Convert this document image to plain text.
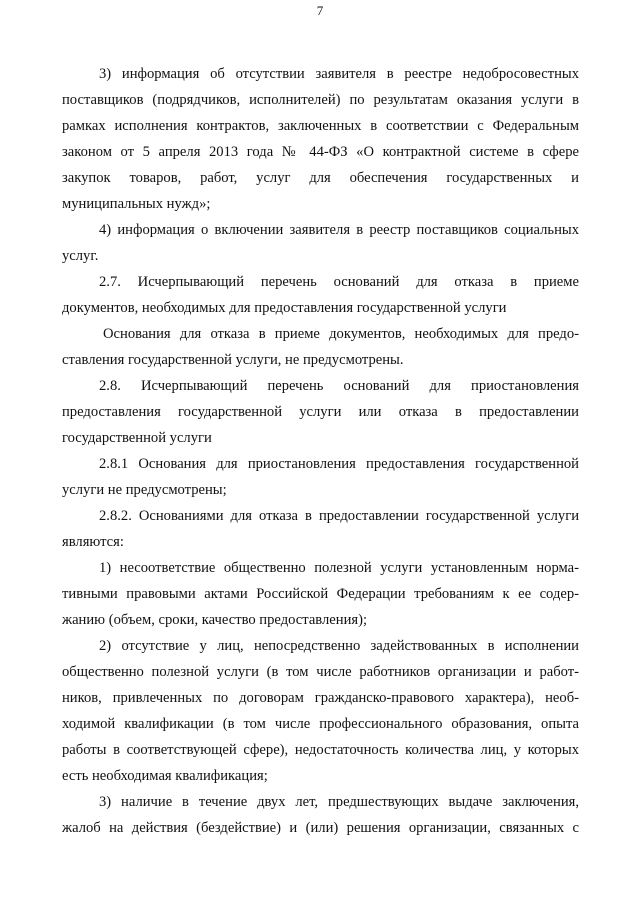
7
3) информация об отсутствии заявителя в реестре недобросовестных
поставщиков (подрядчиков, исполнителей) по результатам оказания услуги в
рамках исполнения контрактов, заключенных в соответствии с Федеральным
законом от 5 апреля 2013 года № 44-ФЗ «О контрактной системе в сфере
закупок товаров, работ, услуг для обеспечения государственных и
муниципальных нужд»;
4) информация о включении заявителя в реестр поставщиков социальных
услуг.
2.7. Исчерпывающий перечень оснований для отказа в приеме
документов, необходимых для предоставления государственной услуги
Основания для отказа в приеме документов, необходимых для предо-
ставления государственной услуги, не предусмотрены.
2.8. Исчерпывающий перечень оснований для приостановления
предоставления государственной услуги или отказа в предоставлении
государственной услуги
2.8.1 Основания для приостановления предоставления государственной
услуги не предусмотрены;
2.8.2. Основаниями для отказа в предоставлении государственной услуги
являются:
1) несоответствие общественно полезной услуги установленным норма-
тивными правовыми актами Российской Федерации требованиям к ее содер-
жанию (объем, сроки, качество предоставления);
2) отсутствие у лиц, непосредственно задействованных в исполнении
общественно полезной услуги (в том числе работников организации и работ-
ников, привлеченных по договорам гражданско-правового характера), необ-
ходимой квалификации (в том числе профессионального образования, опыта
работы в соответствующей сфере), недостаточность количества лиц, у которых
есть необходимая квалификация;
3) наличие в течение двух лет, предшествующих выдаче заключения,
жалоб на действия (бездействие) и (или) решения организации, связанных с
